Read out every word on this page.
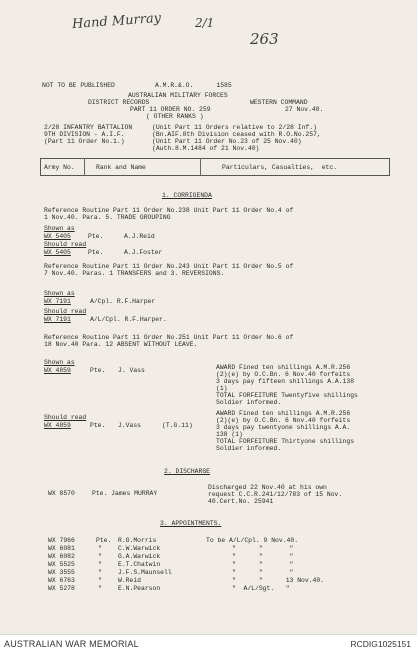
Hand Murray	2/1
263
NOT TO BE PUBLISHED	A.M.R.&.O.      1585
AUSTRALIAN MILITARY FORCES
DISTRICT RECORDS	WESTERN COMMAND
PART 11 ORDER NO. 259	27 Nov.40.
( OTHER RANKS )
2/28 INFANTRY BATTALION
9TH DIVISION - A.I.F.
(Part 11 Order No.1.)
(Unit Part 11 Orders relative to 2/28 Inf.)
(Bn.AIF.8th Division ceased with R.O.No.257,
(Unit Part 11 Order No.23 of 25 Nov.40)
(Auth.8.M.1484 of 21 Nov.40)
Army No.	Rank and Name	Particulars, Casualties,  etc.
1. CORRIGENDA
Reference Routine Part 11 Order No.238 Unit Part 11 Order No.4 of
1 Nov.40. Para. 5. TRADE GROUPING
Shown as
WX 5405	Pte.	A.J.Reid
Should read
WX 5405	Pte.	A.J.Foster
Reference Routine Part 11 Order No.243 Unit Part 11 Order No.5 of
7 Nov.40. Paras. 1 TRANSFERS and 3. REVERSIONS.
Shown as
WX 7191	A/Cpl. R.F.Harper
Should read
WX 7191	A/L/Cpl. R.F.Harper.
Reference Routine Part 11 Order No.251 Unit Part 11 Order No.6 of
18 Nov.40 Para. 12 ABSENT WITHOUT LEAVE.
Shown as
WX 4859	Pte. J. Vass	AWARD Fined ten shillings A.M.R.256
(2)(e) by O.C.Bn. 6 Nov.40 forfeits
3 days pay fifteen shillings A.A.138
(1)
TOTAL FORFEITURE Twentyfive shillings
Soldier informed.
Should read
WX 4859	Pte. J.Vass	(T.G.11)
AWARD Fined ten shillings A.M.R.256
(2)(e) by O.C.Bn. 6 Nov.40 forfeits
3 days pay twentyone shillings A.A.
138 (1)
TOTAL FORFEITURE Thirtyone shillings
Soldier informed.
2. DISCHARGE
WX 8570	Pte. James MURRAY
Discharged 22 Nov.40 at his own
request C.C.R.241/12/783 of 15 Nov.
40.Cert.No. 25941
3. APPOINTMENTS.
WX 7966	Pte. R.G.Morris	To be A/L/Cpl. 9 Nov.40.
WX 6081	"	C.W.Warwick	"      "       "
WX 6082	"	G.A.Warwick	"      "       "
WX 5525	"	E.T.Chatwin	"      "       "
WX 3555	"	J.F.S.Maunsell	"      "       "
WX 6763	"	W.Reid	"      "      13 Nov.40.
WX 5278	"	E.N.Pearson	"  A/L/Sgt.   "
AUSTRALIAN WAR MEMORIAL	RCDIG1025151
